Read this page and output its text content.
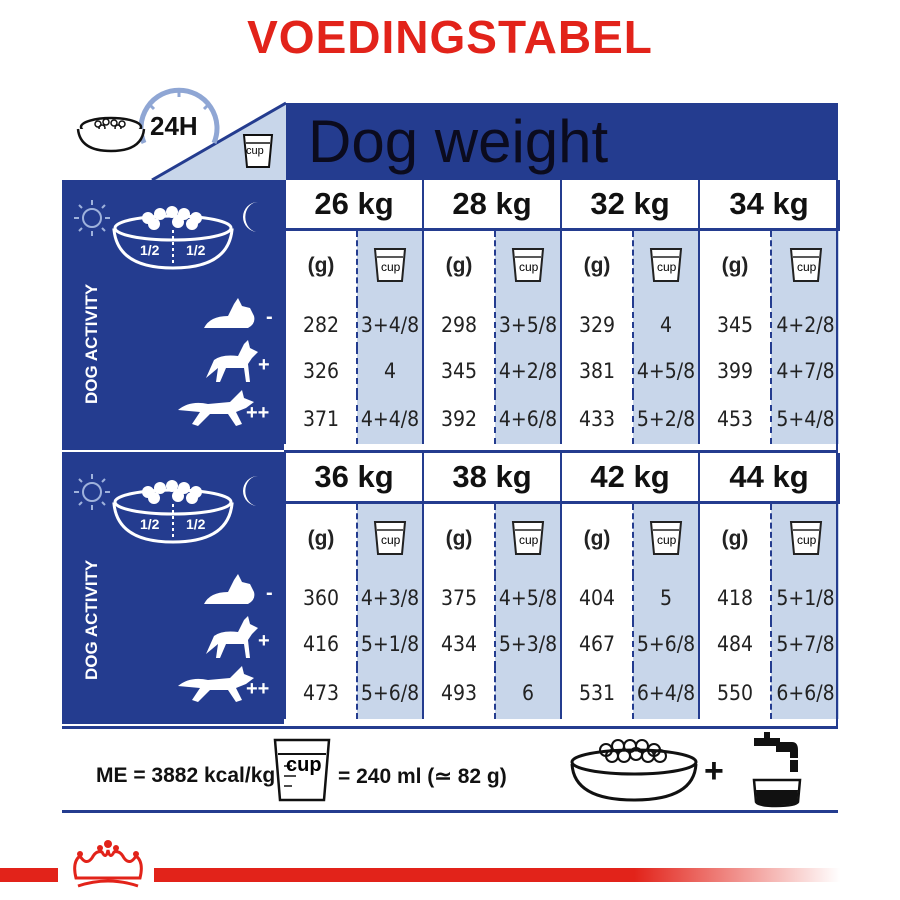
VOEDINGSTABEL
24H
cup Dog weight
1/2 1/2
DOG ACTIVITY	-
+
++
1/2 1/2
DOG ACTIVITY	-
+
++
26 kg		28 kg		32 kg		34 kg	
(g)	cup	(g)	cup	(g)	cup	(g)	cup

282	3+4/8	298	3+5/8	329	4	345	4+2/8
326	4	345	4+2/8	381	4+5/8	399	4+7/8
371	4+4/8	392	4+6/8	433	5+2/8	453	5+4/8
36 kg		38 kg		42 kg		44 kg	
(g)	cup	(g)	cup	(g)	cup	(g)	cup

360	4+3/8	375	4+5/8	404	5	418	5+1/8
416	5+1/8	434	5+3/8	467	5+6/8	484	5+7/8
473	5+6/8	493	6	531	6+4/8	550	6+6/8
ME = 3882 kcal/kg cup = 240 ml (≃ 82 g)	+
